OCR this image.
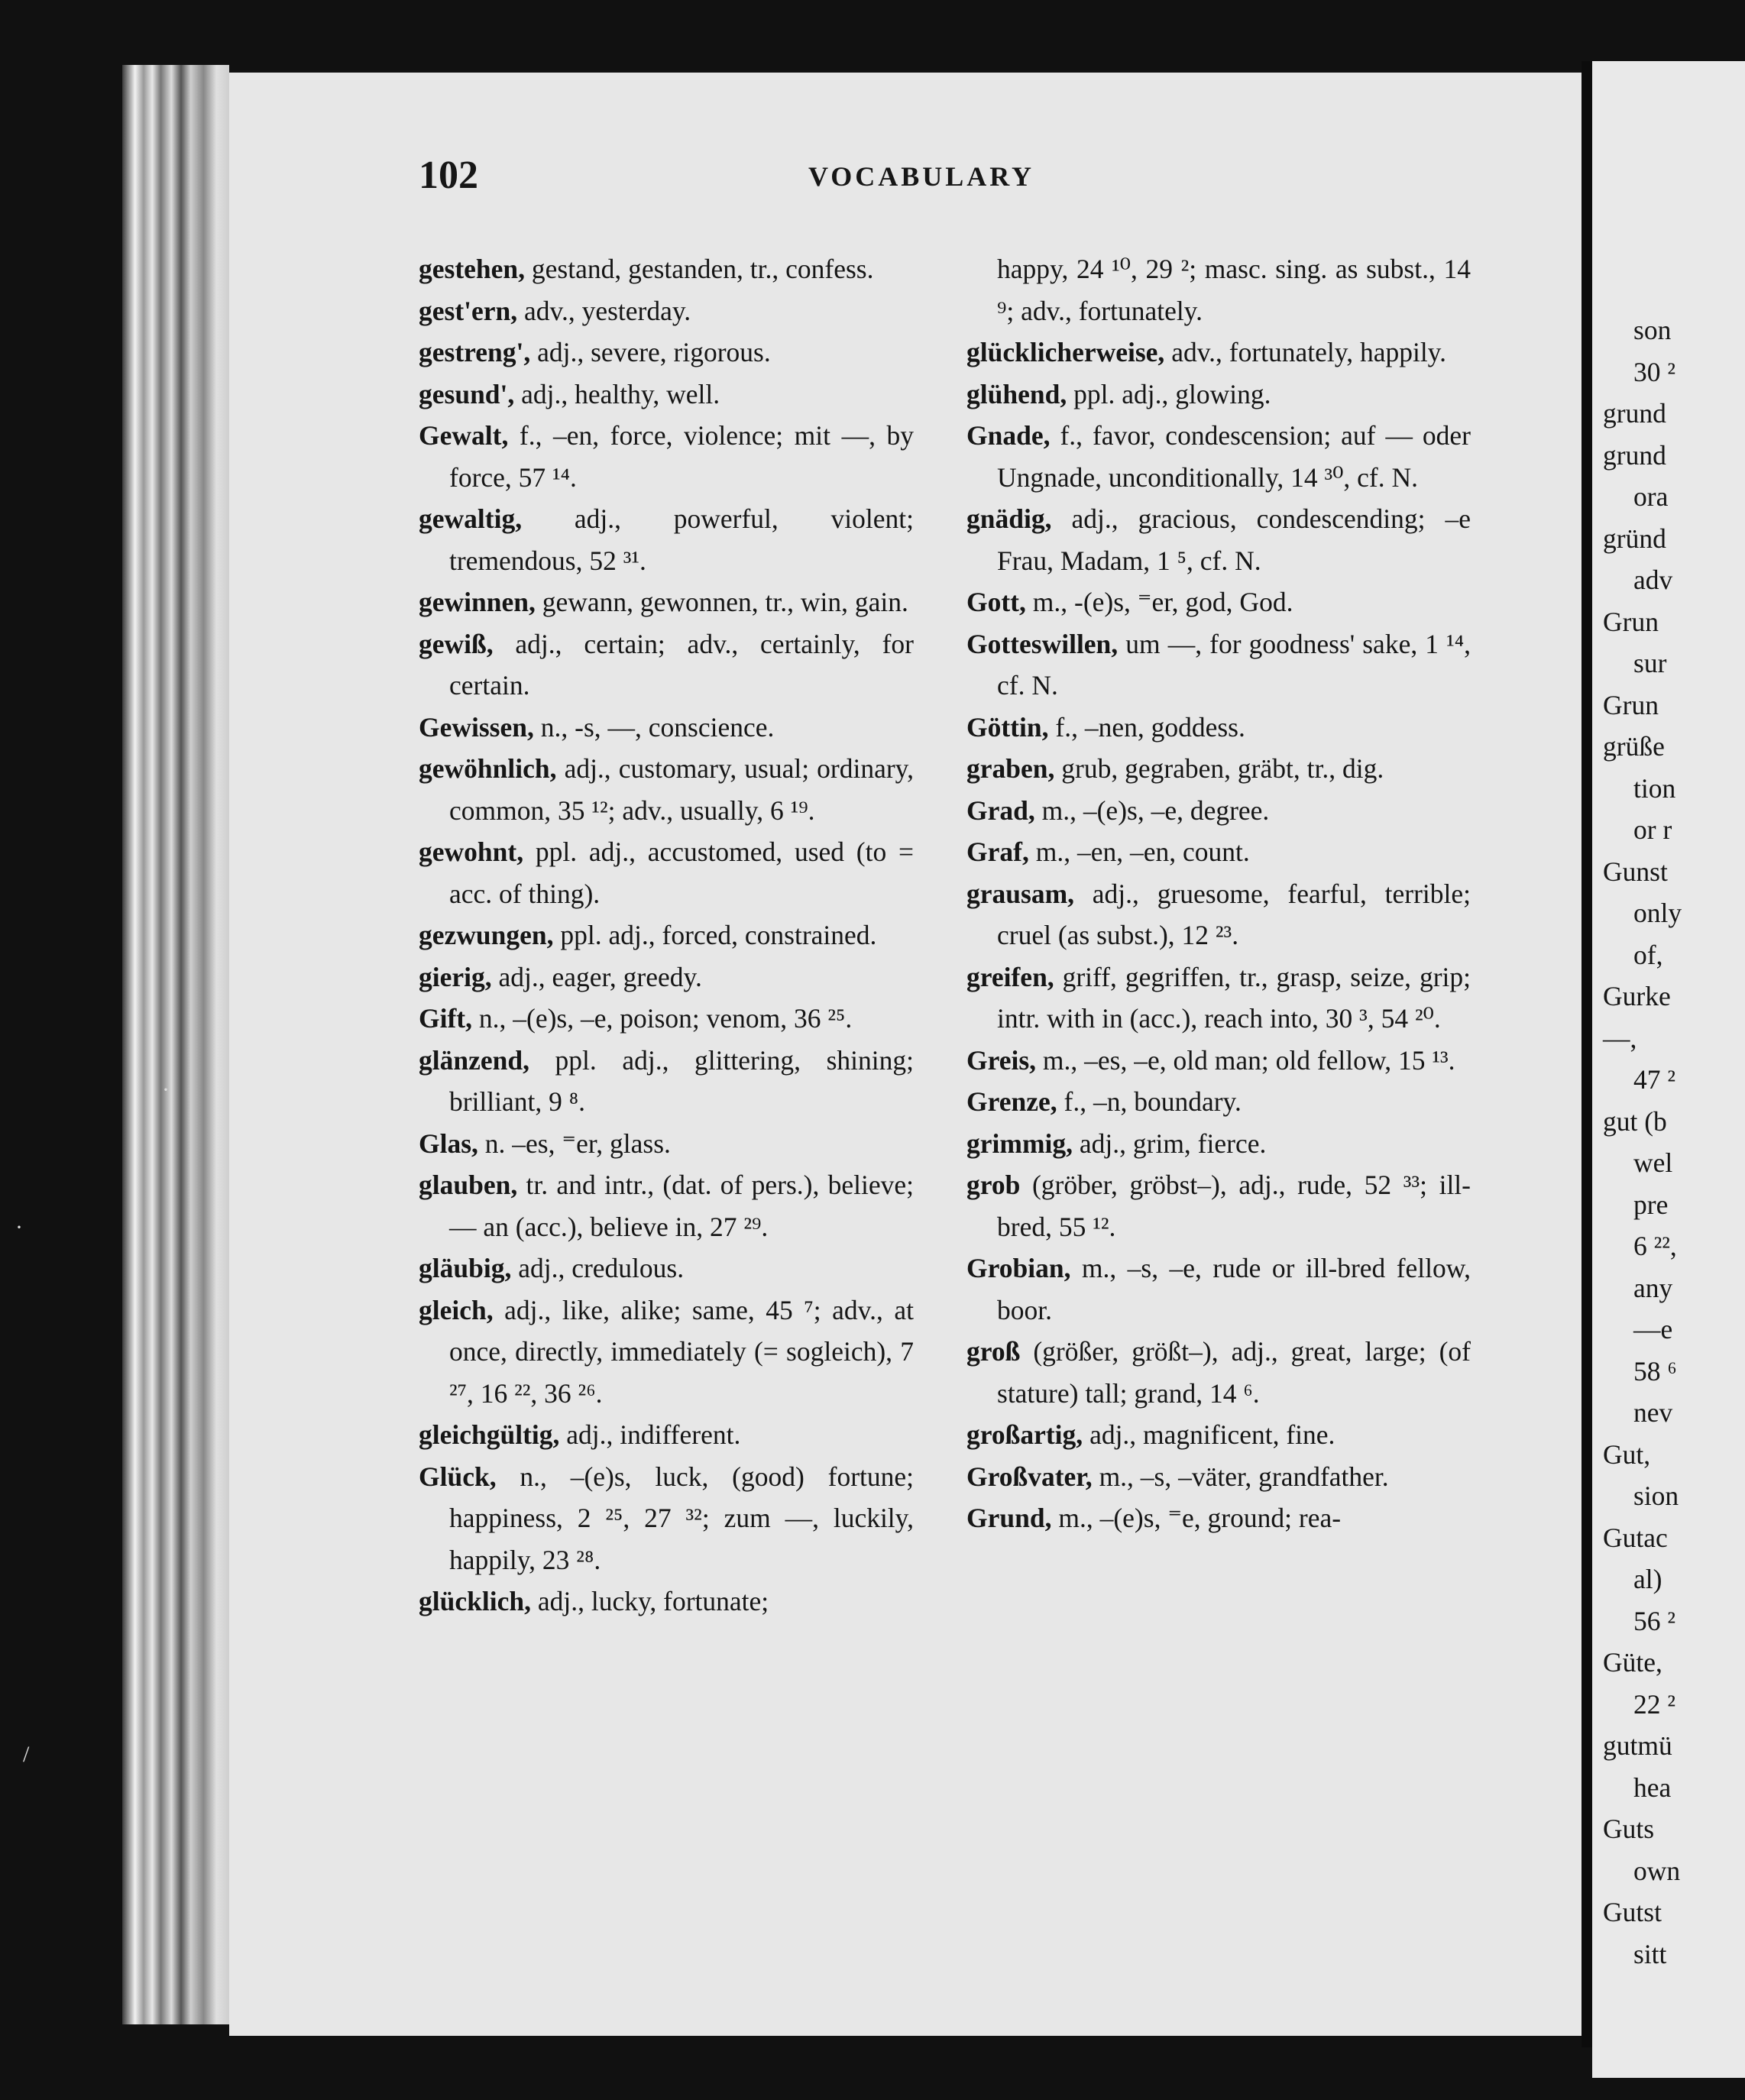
son
30 ²
grund
grund
ora
gründ
adv
Grun
sur
Grun
grüße
tion
or r
Gunst
only
of,
Gurke
—,
47 ²
gut (b
wel
pre
6 ²²,
any
—e
58 ⁶
nev
Gut,
sion
Gutac
al)
56 ²
Güte,
22 ²
gutmü
hea
Guts
own
Gutst
sitt
102	VOCABULARY
gestehen, gestand, gestanden, tr., confess.
gest'ern, adv., yesterday.
gestreng', adj., severe, rigorous.
gesund', adj., healthy, well.
Gewalt, f., –en, force, violence; mit —, by force, 57 ¹⁴.
gewaltig, adj., powerful, violent; tremendous, 52 ³¹.
gewinnen, gewann, gewonnen, tr., win, gain.
gewiß, adj., certain; adv., certainly, for certain.
Gewissen, n., -s, —, conscience.
gewöhnlich, adj., customary, usual; ordinary, common, 35 ¹²; adv., usually, 6 ¹⁹.
gewohnt, ppl. adj., accustomed, used (to = acc. of thing).
gezwungen, ppl. adj., forced, constrained.
gierig, adj., eager, greedy.
Gift, n., –(e)s, –e, poison; venom, 36 ²⁵.
glänzend, ppl. adj., glittering, shining; brilliant, 9 ⁸.
Glas, n. –es, ⁼er, glass.
glauben, tr. and intr., (dat. of pers.), believe; — an (acc.), believe in, 27 ²⁹.
gläubig, adj., credulous.
gleich, adj., like, alike; same, 45 ⁷; adv., at once, directly, immediately (= sogleich), 7 ²⁷, 16 ²², 36 ²⁶.
gleichgültig, adj., indifferent.
Glück, n., –(e)s, luck, (good) fortune; happiness, 2 ²⁵, 27 ³²; zum —, luckily, happily, 23 ²⁸.
glücklich, adj., lucky, fortunate;
happy, 24 ¹⁰, 29 ²; masc. sing. as subst., 14 ⁹; adv., fortunately.
glücklicherweise, adv., fortunately, happily.
glühend, ppl. adj., glowing.
Gnade, f., favor, condescension; auf — oder Ungnade, unconditionally, 14 ³⁰, cf. N.
gnädig, adj., gracious, condescending; –e Frau, Madam, 1 ⁵, cf. N.
Gott, m., -(e)s, ⁼er, god, God.
Gotteswillen, um —, for goodness' sake, 1 ¹⁴, cf. N.
Göttin, f., –nen, goddess.
graben, grub, gegraben, gräbt, tr., dig.
Grad, m., –(e)s, –e, degree.
Graf, m., –en, –en, count.
grausam, adj., gruesome, fearful, terrible; cruel (as subst.), 12 ²³.
greifen, griff, gegriffen, tr., grasp, seize, grip; intr. with in (acc.), reach into, 30 ³, 54 ²⁰.
Greis, m., –es, –e, old man; old fellow, 15 ¹³.
Grenze, f., –n, boundary.
grimmig, adj., grim, fierce.
grob (gröber, gröbst–), adj., rude, 52 ³³; ill-bred, 55 ¹².
Grobian, m., –s, –e, rude or ill-bred fellow, boor.
groß (größer, größt–), adj., great, large; (of stature) tall; grand, 14 ⁶.
großartig, adj., magnificent, fine.
Großvater, m., –s, –väter, grandfather.
Grund, m., –(e)s, ⁼e, ground; rea-
·
·
/
